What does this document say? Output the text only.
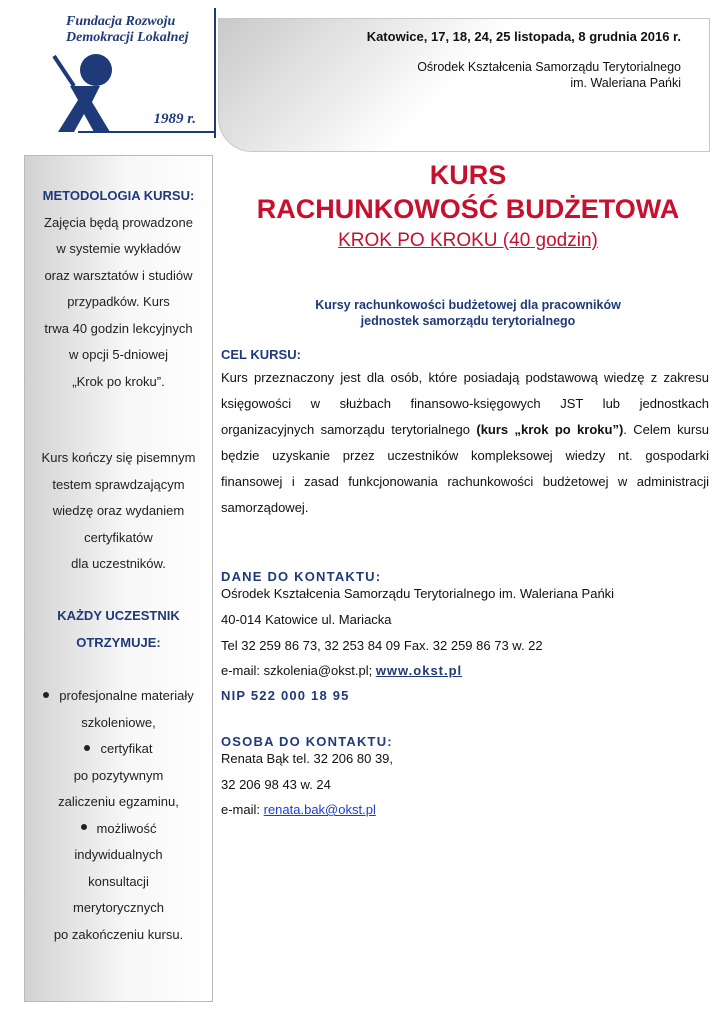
Fundacja Rozwoju
Demokracji Lokalnej
1989 r.
Katowice, 17, 18, 24, 25 listopada, 8 grudnia 2016 r.
Ośrodek Kształcenia Samorządu Terytorialnego
im. Waleriana Pańki

METODOLOGIA KURSU:

Zajęcia będą prowadzone

w systemie wykładów

oraz warsztatów i studiów

przypadków. Kurs

trwa 40 godzin lekcyjnych

w opcji 5-dniowej

„Krok po kroku”.

Kurs kończy się pisemnym

testem sprawdzającym

wiedzę oraz wydaniem

certyfikatów

dla uczestników.

KAŻDY UCZESTNIK

OTRZYMUJE:

profesjonalne materiały

szkoleniowe,

certyfikat

po pozytywnym

zaliczeniu egzaminu,

możliwość

indywidualnych

konsultacji

merytorycznych

po zakończeniu kursu.

KURS
RACHUNKOWOŚĆ BUDŻETOWA
KROK PO KROKU (40 godzin)
Kursy rachunkowości budżetowej dla pracowników
jednostek samorządu terytorialnego
CEL KURSU:
Kurs przeznaczony jest dla osób, które posiadają podstawową wiedzę z zakresu księgowości w służbach finansowo-księgowych JST lub jednostkach organizacyjnych samorządu terytorialnego (kurs „krok po kroku”). Celem kursu będzie uzyskanie przez uczestników kompleksowej wiedzy nt. gospodarki finansowej i zasad funkcjonowania rachunkowości budżetowej w administracji samorządowej.
DANE DO KONTAKTU:
Ośrodek Kształcenia Samorządu Terytorialnego im. Waleriana Pańki
40-014 Katowice ul. Mariacka
Tel 32 259 86 73, 32 253 84 09 Fax. 32 259 86 73 w. 22
e-mail: szkolenia@okst.pl; www.okst.pl
NIP 522 000 18 95
OSOBA DO KONTAKTU:
Renata Bąk tel. 32 206 80 39,
32 206 98 43 w. 24
e-mail: renata.bak@okst.pl
